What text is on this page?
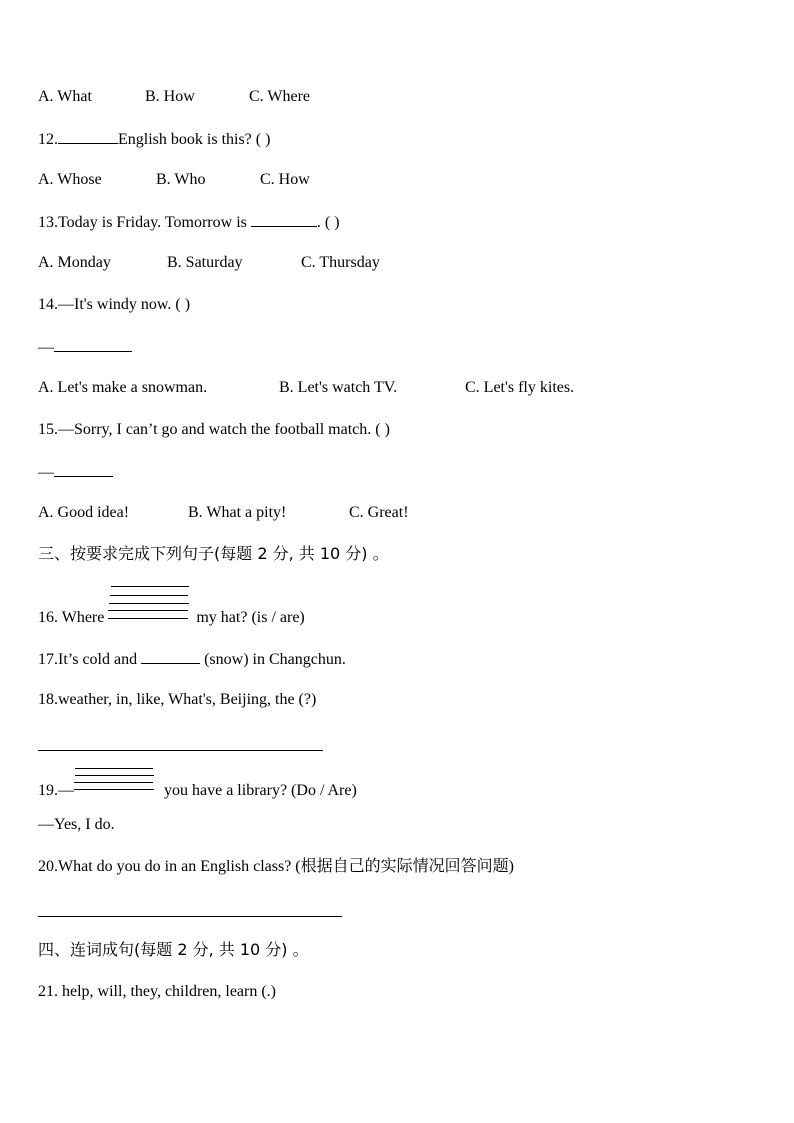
A. What	B. How	C. Where
12.	English book is this? ( )
A. Whose	B. Who	C. How
13.Today is Friday. Tomorrow is	. ( )
A. Monday	B. Saturday	C. Thursday
14.—It's windy now. ( )
—
A. Let's make a snowman.	B. Let's watch TV.	C. Let's fly kites.
15.—Sorry, I can’t go and watch the football match. ( )
—
A. Good idea!	B. What a pity!	C. Great!
三、按要求完成下列句子(每题 2 分, 共 10 分) 。
16. Where	my hat? (is / are)
17.It’s cold and	(snow) in Changchun.
18.weather, in, like, What's, Beijing, the (?)
19.—	you have a library? (Do / Are)
—Yes, I do.
20.What do you do in an English class? (根据自己的实际情况回答问题)
四、连词成句(每题 2 分, 共 10 分) 。
21. help, will, they, children, learn (.)
